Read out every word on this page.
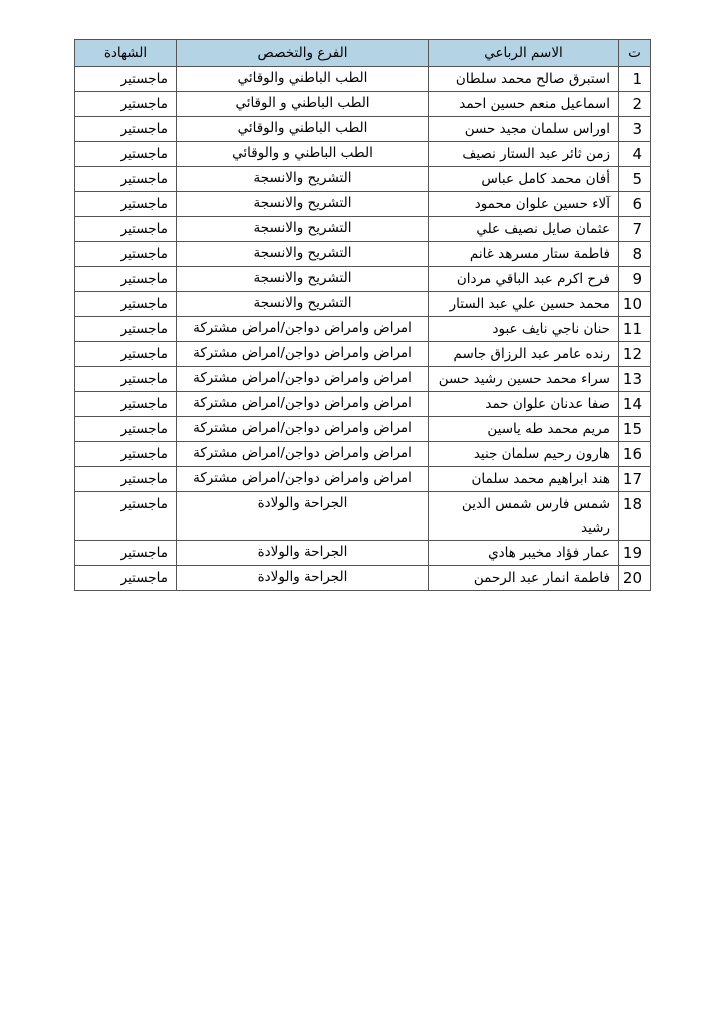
ت	الاسم الرباعي	الفرع والتخصص	الشهادة
1	استبرق صالح محمد سلطان	الطب الباطني والوقائي	ماجستير
2	اسماعيل منعم حسين احمد	الطب الباطني و الوقائي	ماجستير
3	اوراس سلمان مجيد حسن	الطب الباطني والوقائي	ماجستير
4	زمن ثائر عبد الستار نصيف	الطب الباطني و والوقائي	ماجستير
5	أفان محمد كامل عباس	التشريح والانسجة	ماجستير
6	آلاء حسين علوان محمود	التشريح والانسجة	ماجستير
7	عثمان صايل نصيف علي	التشريح والانسجة	ماجستير
8	فاطمة ستار مسرهد غانم	التشريح والانسجة	ماجستير
9	فرح اكرم عبد الباقي مردان	التشريح والانسجة	ماجستير
10	محمد حسين علي عبد الستار	التشريح والانسجة	ماجستير
11	حنان ناجي نايف عبود	امراض وامراض دواجن/امراض مشتركة	ماجستير
12	رنده عامر عبد الرزاق جاسم	امراض وامراض دواجن/امراض مشتركة	ماجستير
13	سراء محمد حسين رشيد حسن	امراض وامراض دواجن/امراض مشتركة	ماجستير
14	صفا عدنان علوان حمد	امراض وامراض دواجن/امراض مشتركة	ماجستير
15	مريم محمد طه ياسين	امراض وامراض دواجن/امراض مشتركة	ماجستير
16	هارون رحيم سلمان جنيد	امراض وامراض دواجن/امراض مشتركة	ماجستير
17	هند ابراهيم محمد سلمان	امراض وامراض دواجن/امراض مشتركة	ماجستير
18	شمس فارس شمس الدين رشيد	الجراحة والولادة	ماجستير
19	عمار فؤاد مخيبر هادي	الجراحة والولادة	ماجستير
20	فاطمة انمار عبد الرحمن	الجراحة والولادة	ماجستير
